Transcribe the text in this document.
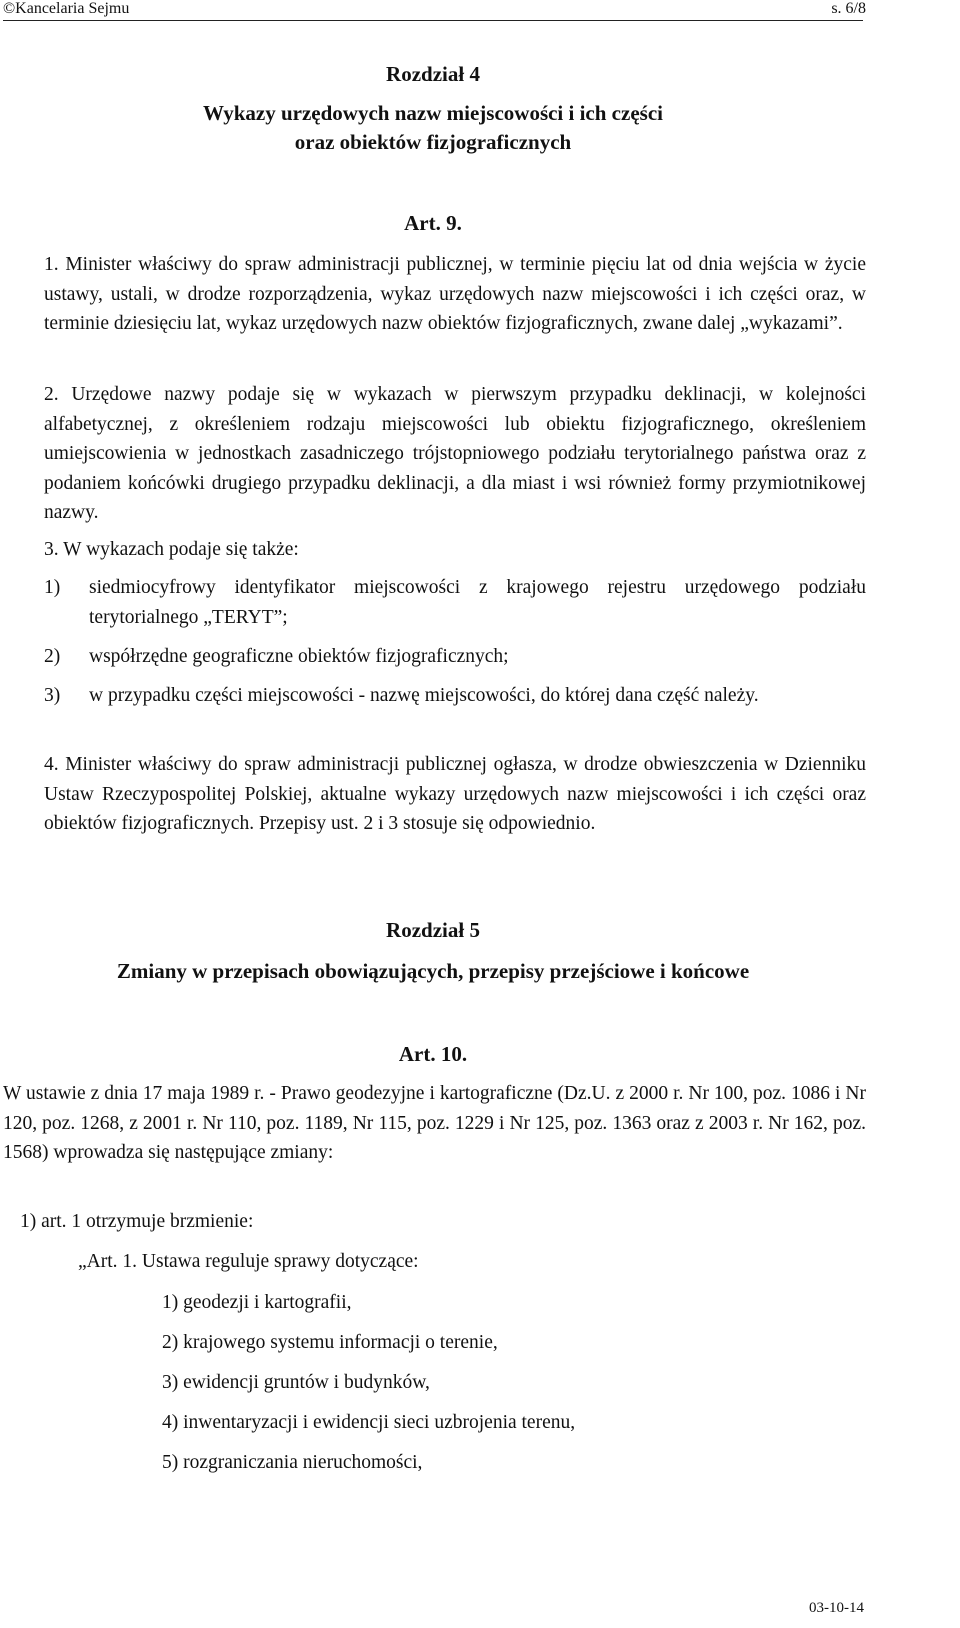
©Kancelaria Sejmu	s. 6/8
Rozdział 4
Wykazy urzędowych nazw miejscowości i ich części
oraz obiektów fizjograficznych
Art. 9.
1. Minister właściwy do spraw administracji publicznej, w terminie pięciu lat od dnia wejścia w życie ustawy, ustali, w drodze rozporządzenia, wykaz urzędowych nazw miejscowości i ich części oraz, w terminie dziesięciu lat, wykaz urzędowych nazw obiektów fizjograficznych, zwane dalej „wykazami”.
2. Urzędowe nazwy podaje się w wykazach w pierwszym przypadku deklinacji, w kolejności alfabetycznej, z określeniem rodzaju miejscowości lub obiektu fizjograficznego, określeniem umiejscowienia w jednostkach zasadniczego trójstopniowego podziału terytorialnego państwa oraz z podaniem końcówki drugiego przypadku deklinacji, a dla miast i wsi również formy przymiotnikowej nazwy.
3. W wykazach podaje się także:
1) siedmiocyfrowy identyfikator miejscowości z krajowego rejestru urzędowego podziału terytorialnego „TERYT”;
2) współrzędne geograficzne obiektów fizjograficznych;
3) w przypadku części miejscowości - nazwę miejscowości, do której dana część należy.
4. Minister właściwy do spraw administracji publicznej ogłasza, w drodze obwieszczenia w Dzienniku Ustaw Rzeczypospolitej Polskiej, aktualne wykazy urzędowych nazw miejscowości i ich części oraz obiektów fizjograficznych. Przepisy ust. 2 i 3 stosuje się odpowiednio.
Rozdział 5
Zmiany w przepisach obowiązujących, przepisy przejściowe i końcowe
Art. 10.
W ustawie z dnia 17 maja 1989 r. - Prawo geodezyjne i kartograficzne (Dz.U. z 2000 r. Nr 100, poz. 1086 i Nr 120, poz. 1268, z 2001 r. Nr 110, poz. 1189, Nr 115, poz. 1229 i Nr 125, poz. 1363 oraz z 2003 r. Nr 162, poz. 1568) wprowadza się następujące zmiany:
1) art. 1 otrzymuje brzmienie:
„Art. 1. Ustawa reguluje sprawy dotyczące:
1) geodezji i kartografii,
2) krajowego systemu informacji o terenie,
3) ewidencji gruntów i budynków,
4) inwentaryzacji i ewidencji sieci uzbrojenia terenu,
5) rozgraniczania nieruchomości,
03-10-14
